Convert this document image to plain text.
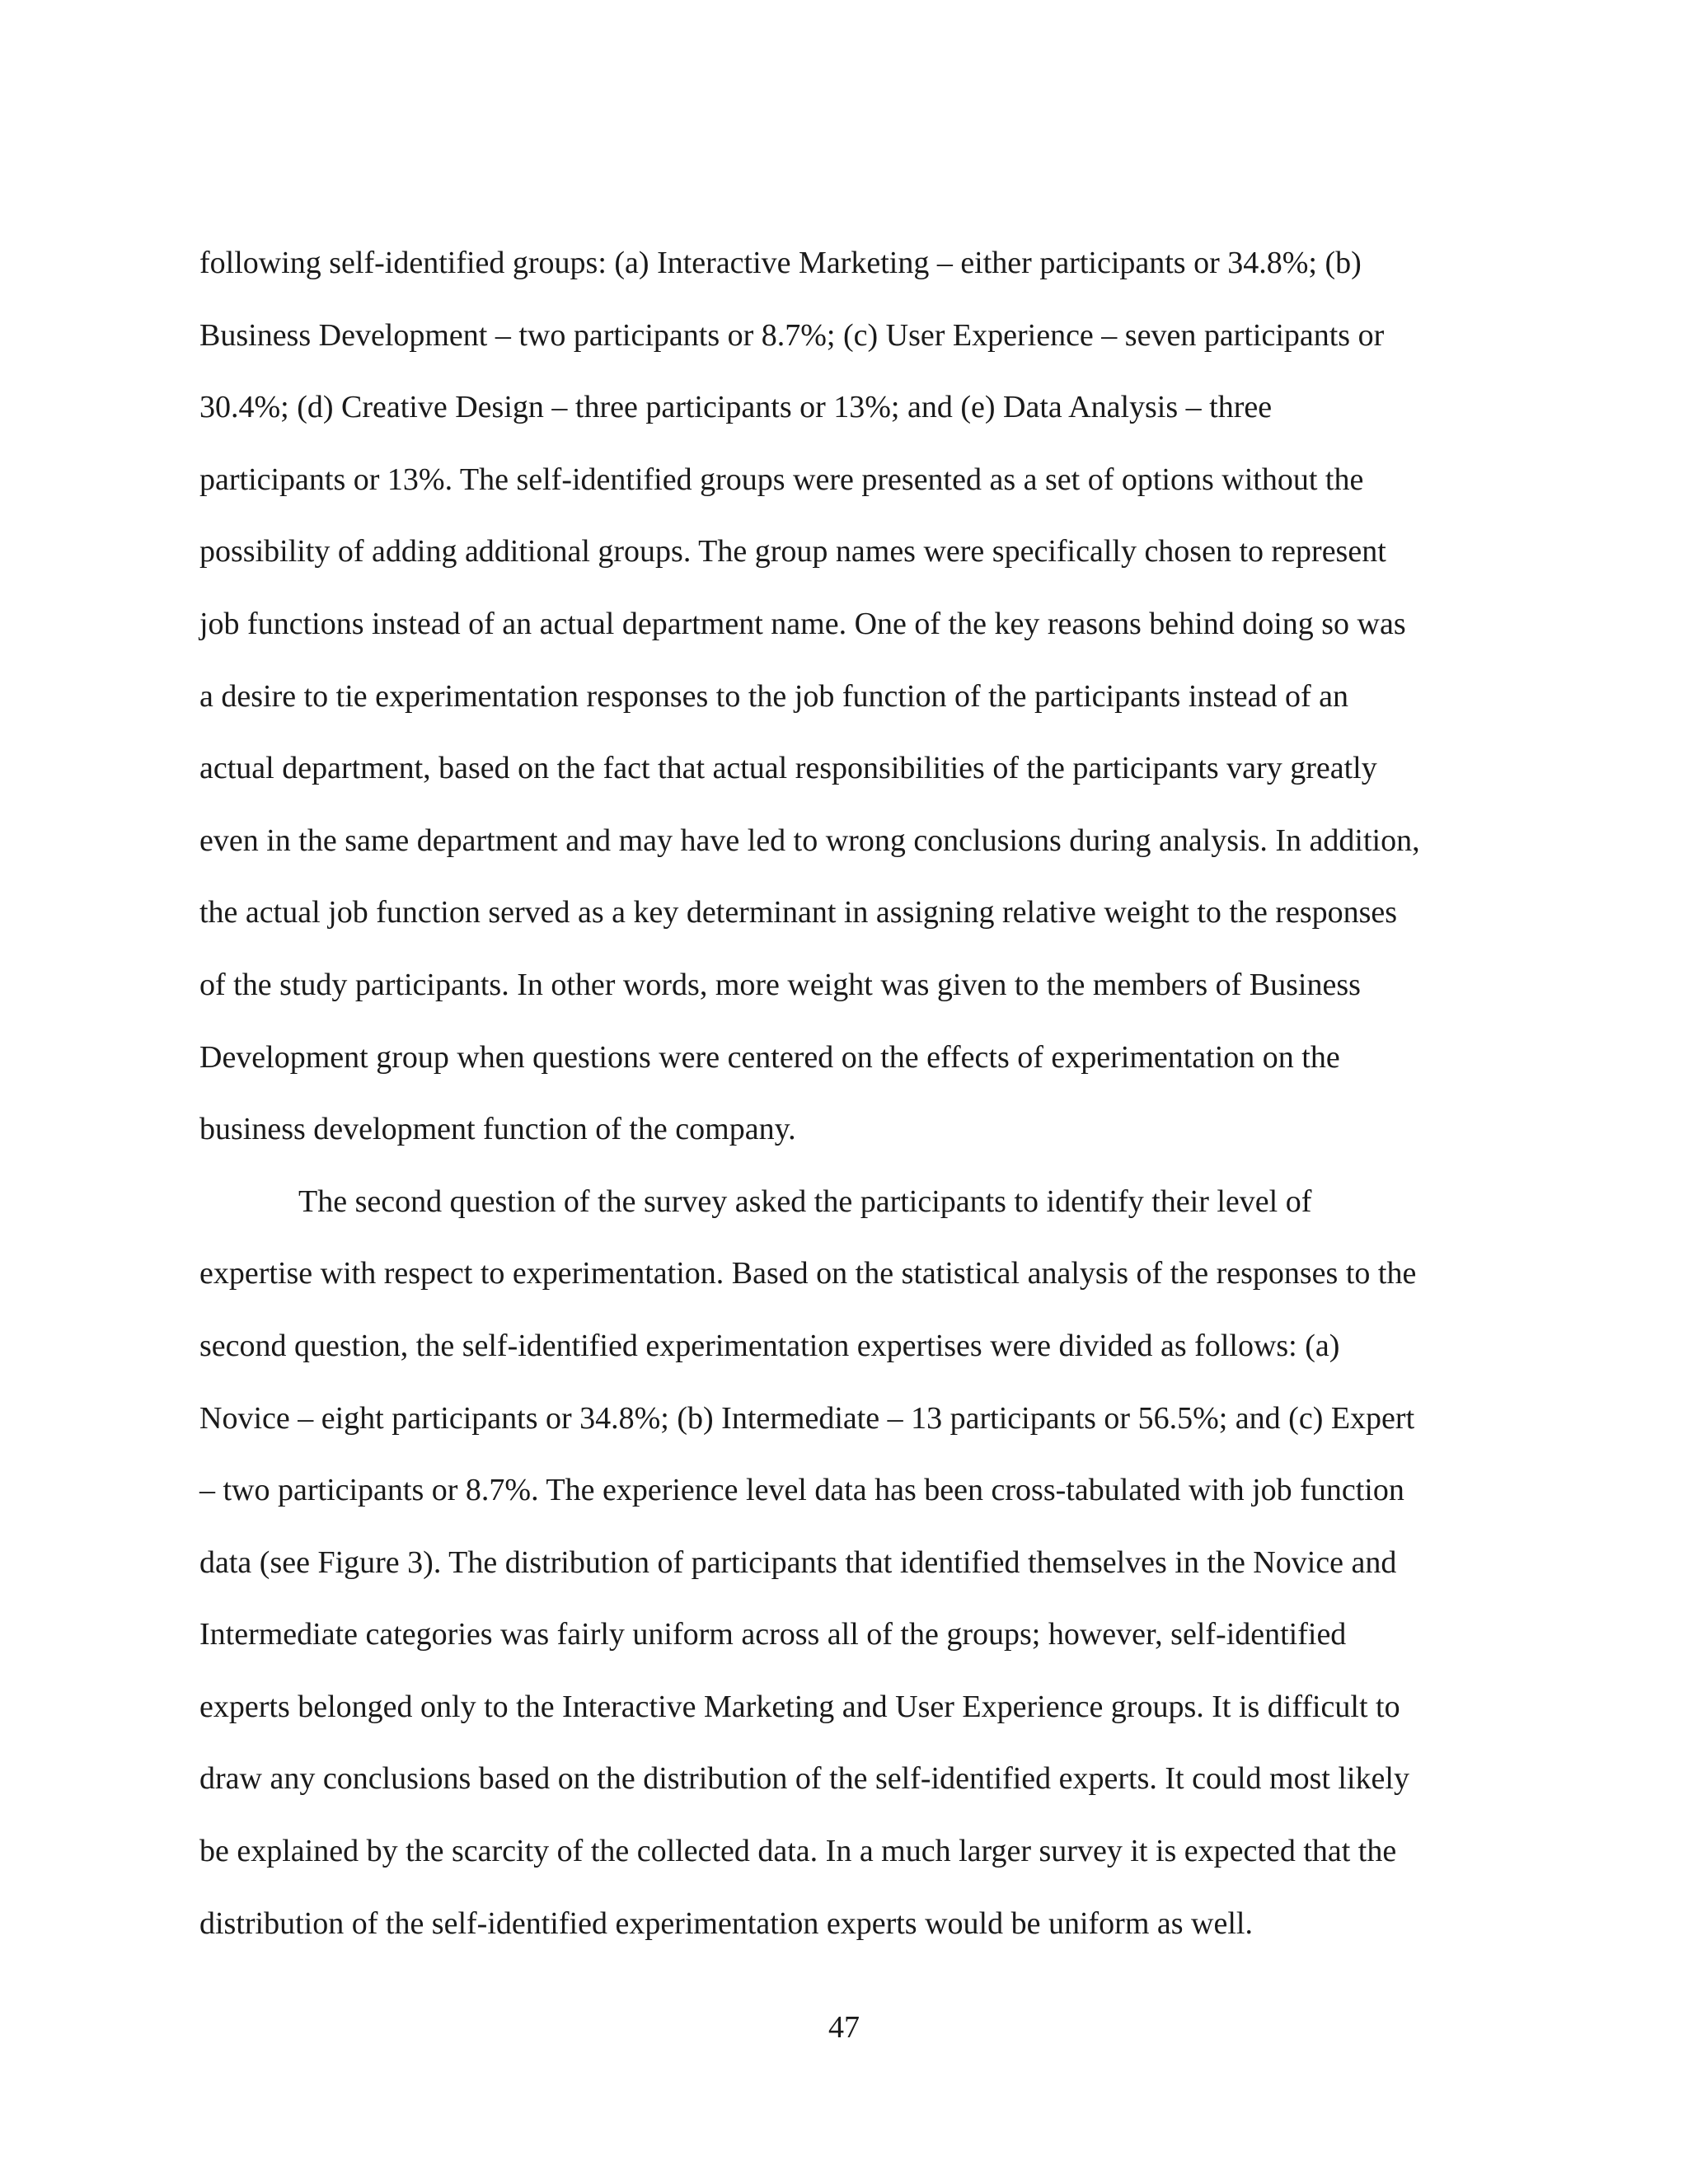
following self-identified groups: (a) Interactive Marketing – either participants or 34.8%; (b)
Business Development – two participants or 8.7%; (c) User Experience – seven participants or
30.4%; (d) Creative Design – three participants or 13%; and (e) Data Analysis – three
participants or 13%. The self-identified groups were presented as a set of options without the
possibility of adding additional groups. The group names were specifically chosen to represent
job functions instead of an actual department name. One of the key reasons behind doing so was
a desire to tie experimentation responses to the job function of the participants instead of an
actual department, based on the fact that actual responsibilities of the participants vary greatly
even in the same department and may have led to wrong conclusions during analysis. In addition,
the actual job function served as a key determinant in assigning relative weight to the responses
of the study participants. In other words, more weight was given to the members of Business
Development group when questions were centered on the effects of experimentation on the
business development function of the company.
The second question of the survey asked the participants to identify their level of
expertise with respect to experimentation. Based on the statistical analysis of the responses to the
second question, the self-identified experimentation expertises were divided as follows: (a)
Novice – eight participants or 34.8%; (b) Intermediate – 13 participants or 56.5%; and (c) Expert
– two participants or 8.7%. The experience level data has been cross-tabulated with job function
data (see Figure 3). The distribution of participants that identified themselves in the Novice and
Intermediate categories was fairly uniform across all of the groups; however, self-identified
experts belonged only to the Interactive Marketing and User Experience groups. It is difficult to
draw any conclusions based on the distribution of the self-identified experts. It could most likely
be explained by the scarcity of the collected data. In a much larger survey it is expected that the
distribution of the self-identified experimentation experts would be uniform as well.
47
